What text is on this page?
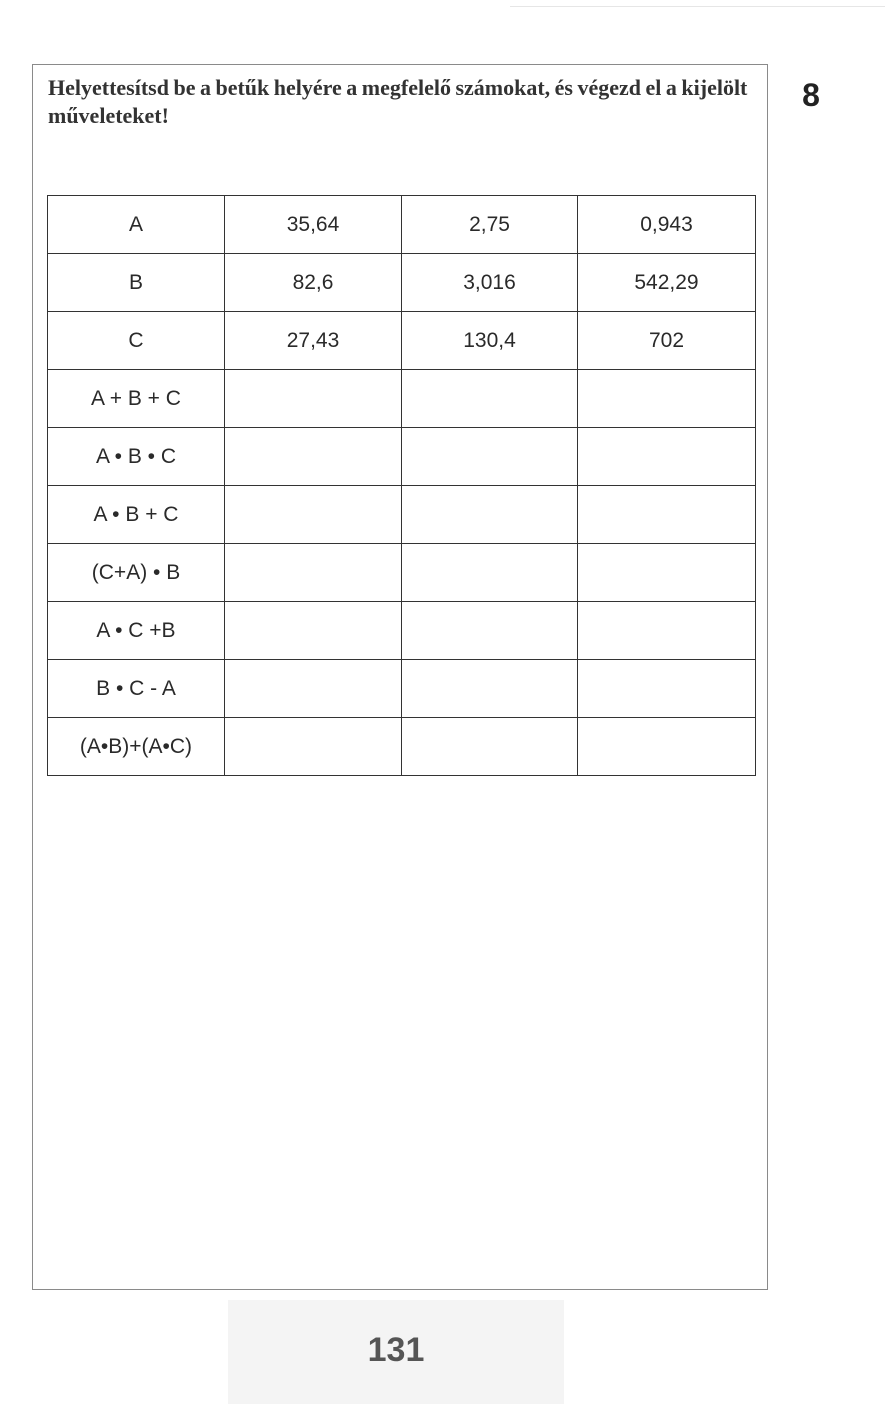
Helyettesítsd be a betűk helyére a megfelelő számokat, és végezd el a kijelölt műveleteket!

8
A	35,64	2,75	0,943
B	82,6	3,016	542,29
C	27,43	130,4	702
A + B + C			
A • B • C			
A • B + C			
(C+A) • B			
A • C +B			
B • C - A			
(A•B)+(A•C)			
131
